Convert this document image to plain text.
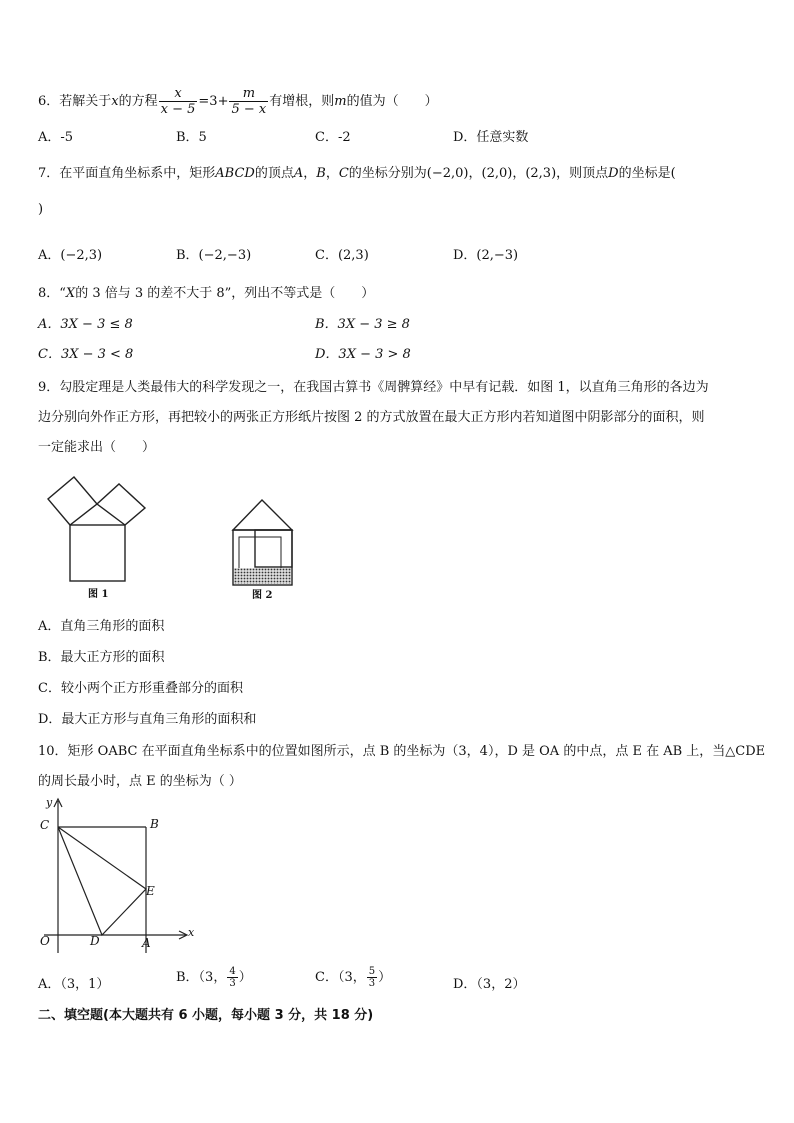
6．若解关于x的方程 $\frac{x}{x - 5} =3+ \frac{m}{5 - x}$ 有增根，则m的值为（　　）
A．-5	B．5	C．-2	D．任意实数
7．在平面直角坐标系中，矩形ABCD的顶点A，B，C的坐标分别为(−2,0)，(2,0)，(2,3)，则顶点D的坐标是(
)
A．(−2,3)	B．(−2,−3)	C．(2,3)	D．(2,−3)
8．“X的 3 倍与 3 的差不大于 8”，列出不等式是（　　）
A．3X − 3 ≤ 8	B．3X − 3 ≥ 8
C．3X − 3 < 8	D．3X − 3 > 8
9．勾股定理是人类最伟大的科学发现之一，在我国古算书《周髀算经》中早有记载．如图 1，以直角三角形的各边为
边分别向外作正方形，再把较小的两张正方形纸片按图 2 的方式放置在最大正方形内若知道图中阴影部分的面积，则
一定能求出（　　）
图 1	图 2
A．直角三角形的面积
B．最大正方形的面积
C．较小两个正方形重叠部分的面积
D．最大正方形与直角三角形的面积和
10．矩形 OABC 在平面直角坐标系中的位置如图所示，点 B 的坐标为（3，4），D 是 OA 的中点，点 E 在 AB 上，当△CDE
的周长最小时，点 E 的坐标为（ ）
y
x
C	B
E
O	D	A
A．（3，1）	B．（3， $\frac{4}{3}$ ）	C．（3， $\frac{5}{3}$ ）	D．（3，2）
二、填空题(本大题共有 6 小题，每小题 3 分，共 18 分)
